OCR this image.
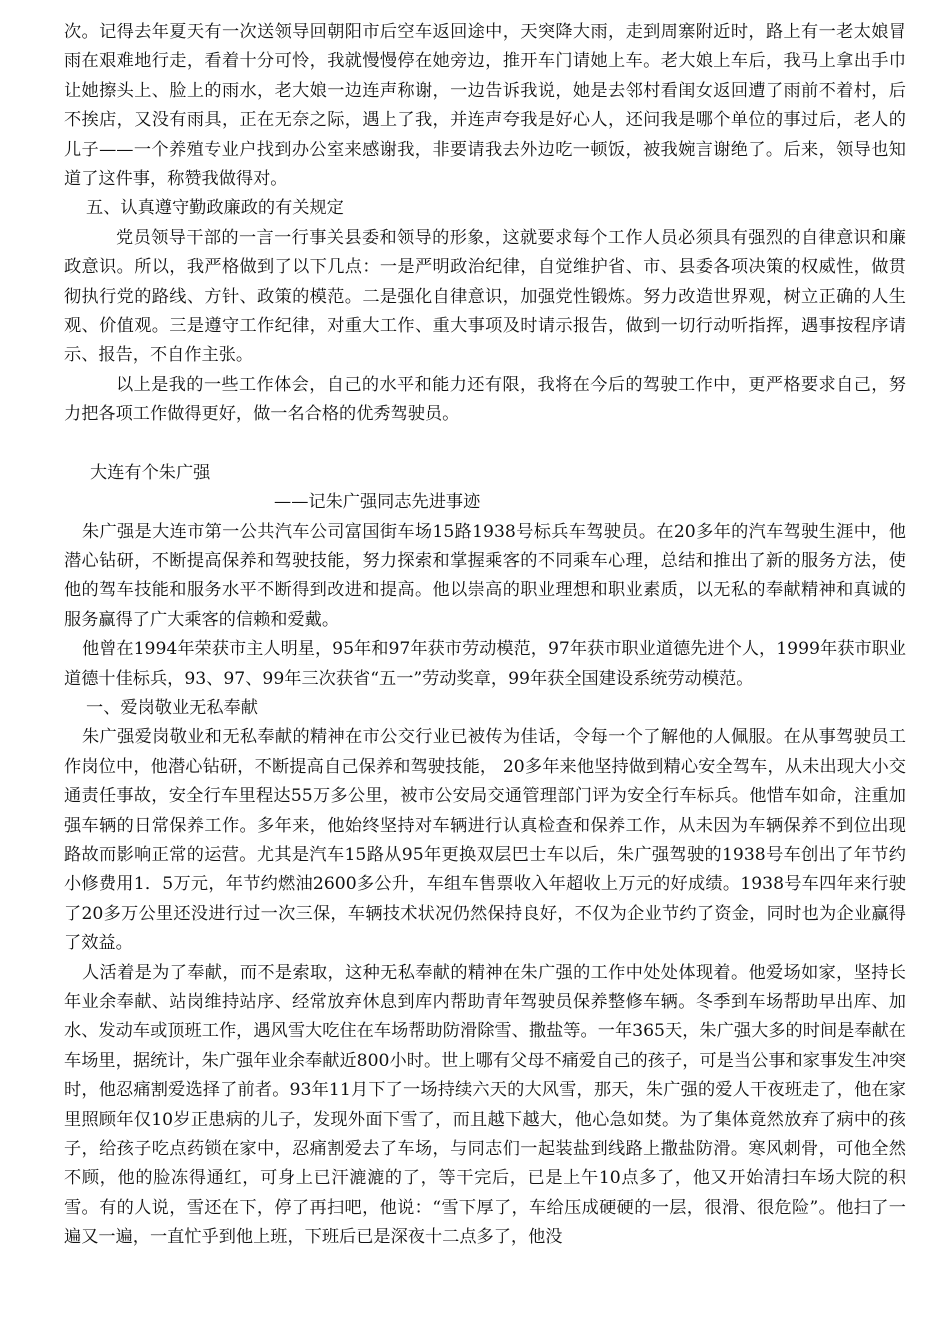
次。记得去年夏天有一次送领导回朝阳市后空车返回途中，天突降大雨，走到周寨附近时，路上有一老太娘冒雨在艰难地行走，看着十分可怜，我就慢慢停在她旁边，推开车门请她上车。老大娘上车后，我马上拿出手巾让她擦头上、脸上的雨水，老大娘一边连声称谢，一边告诉我说，她是去邻村看闺女返回遭了雨前不着村，后不挨店，又没有雨具，正在无奈之际，遇上了我，并连声夸我是好心人，还问我是哪个单位的事过后，老人的儿子——一个养殖专业户找到办公室来感谢我，非要请我去外边吃一顿饭，被我婉言谢绝了。后来，领导也知道了这件事，称赞我做得对。

五、认真遵守勤政廉政的有关规定

党员领导干部的一言一行事关县委和领导的形象，这就要求每个工作人员必须具有强烈的自律意识和廉政意识。所以，我严格做到了以下几点：一是严明政治纪律，自觉维护省、市、县委各项决策的权威性，做贯彻执行党的路线、方针、政策的模范。二是强化自律意识，加强党性锻炼。努力改造世界观，树立正确的人生观、价值观。三是遵守工作纪律，对重大工作、重大事项及时请示报告，做到一切行动听指挥，遇事按程序请示、报告，不自作主张。

以上是我的一些工作体会，自己的水平和能力还有限，我将在今后的驾驶工作中，更严格要求自己，努力把各项工作做得更好，做一名合格的优秀驾驶员。

大连有个朱广强

——记朱广强同志先进事迹

朱广强是大连市第一公共汽车公司富国街车场15路1938号标兵车驾驶员。在20多年的汽车驾驶生涯中，他潜心钻研，不断提高保养和驾驶技能，努力探索和掌握乘客的不同乘车心理，总结和推出了新的服务方法，使他的驾车技能和服务水平不断得到改进和提高。他以崇高的职业理想和职业素质，以无私的奉献精神和真诚的服务赢得了广大乘客的信赖和爱戴。

他曾在1994年荣获市主人明星，95年和97年获市劳动模范，97年获市职业道德先进个人，1999年获市职业道德十佳标兵，93、97、99年三次获省“五一”劳动奖章，99年获全国建设系统劳动模范。

一、爱岗敬业无私奉献

朱广强爱岗敬业和无私奉献的精神在市公交行业已被传为佳话，令每一个了解他的人佩服。在从事驾驶员工作岗位中，他潜心钻研，不断提高自己保养和驾驶技能， 20多年来他坚持做到精心安全驾车，从未出现大小交通责任事故，安全行车里程达55万多公里，被市公安局交通管理部门评为安全行车标兵。他惜车如命，注重加强车辆的日常保养工作。多年来，他始终坚持对车辆进行认真检查和保养工作，从未因为车辆保养不到位出现路故而影响正常的运营。尤其是汽车15路从95年更换双层巴士车以后，朱广强驾驶的1938号车创出了年节约小修费用1．5万元，年节约燃油2600多公升，车组车售票收入年超收上万元的好成绩。1938号车四年来行驶了20多万公里还没进行过一次三保，车辆技术状况仍然保持良好，不仅为企业节约了资金，同时也为企业赢得了效益。

人活着是为了奉献，而不是索取，这种无私奉献的精神在朱广强的工作中处处体现着。他爱场如家，坚持长年业余奉献、站岗维持站序、经常放弃休息到库内帮助青年驾驶员保养整修车辆。冬季到车场帮助早出库、加水、发动车或顶班工作，遇风雪大吃住在车场帮助防滑除雪、撒盐等。一年365天，朱广强大多的时间是奉献在车场里，据统计，朱广强年业余奉献近800小时。世上哪有父母不痛爱自己的孩子，可是当公事和家事发生冲突时，他忍痛割爱选择了前者。93年11月下了一场持续六天的大风雪，那天，朱广强的爱人干夜班走了，他在家里照顾年仅10岁正患病的儿子，发现外面下雪了，而且越下越大，他心急如焚。为了集体竟然放弃了病中的孩子，给孩子吃点药锁在家中，忍痛割爱去了车场，与同志们一起装盐到线路上撒盐防滑。寒风刺骨，可他全然不顾，他的脸冻得通红，可身上已汗漉漉的了，等干完后，已是上午10点多了，他又开始清扫车场大院的积雪。有的人说，雪还在下，停了再扫吧，他说：“雪下厚了，车给压成硬硬的一层，很滑、很危险”。他扫了一遍又一遍，一直忙乎到他上班，下班后已是深夜十二点多了，他没
